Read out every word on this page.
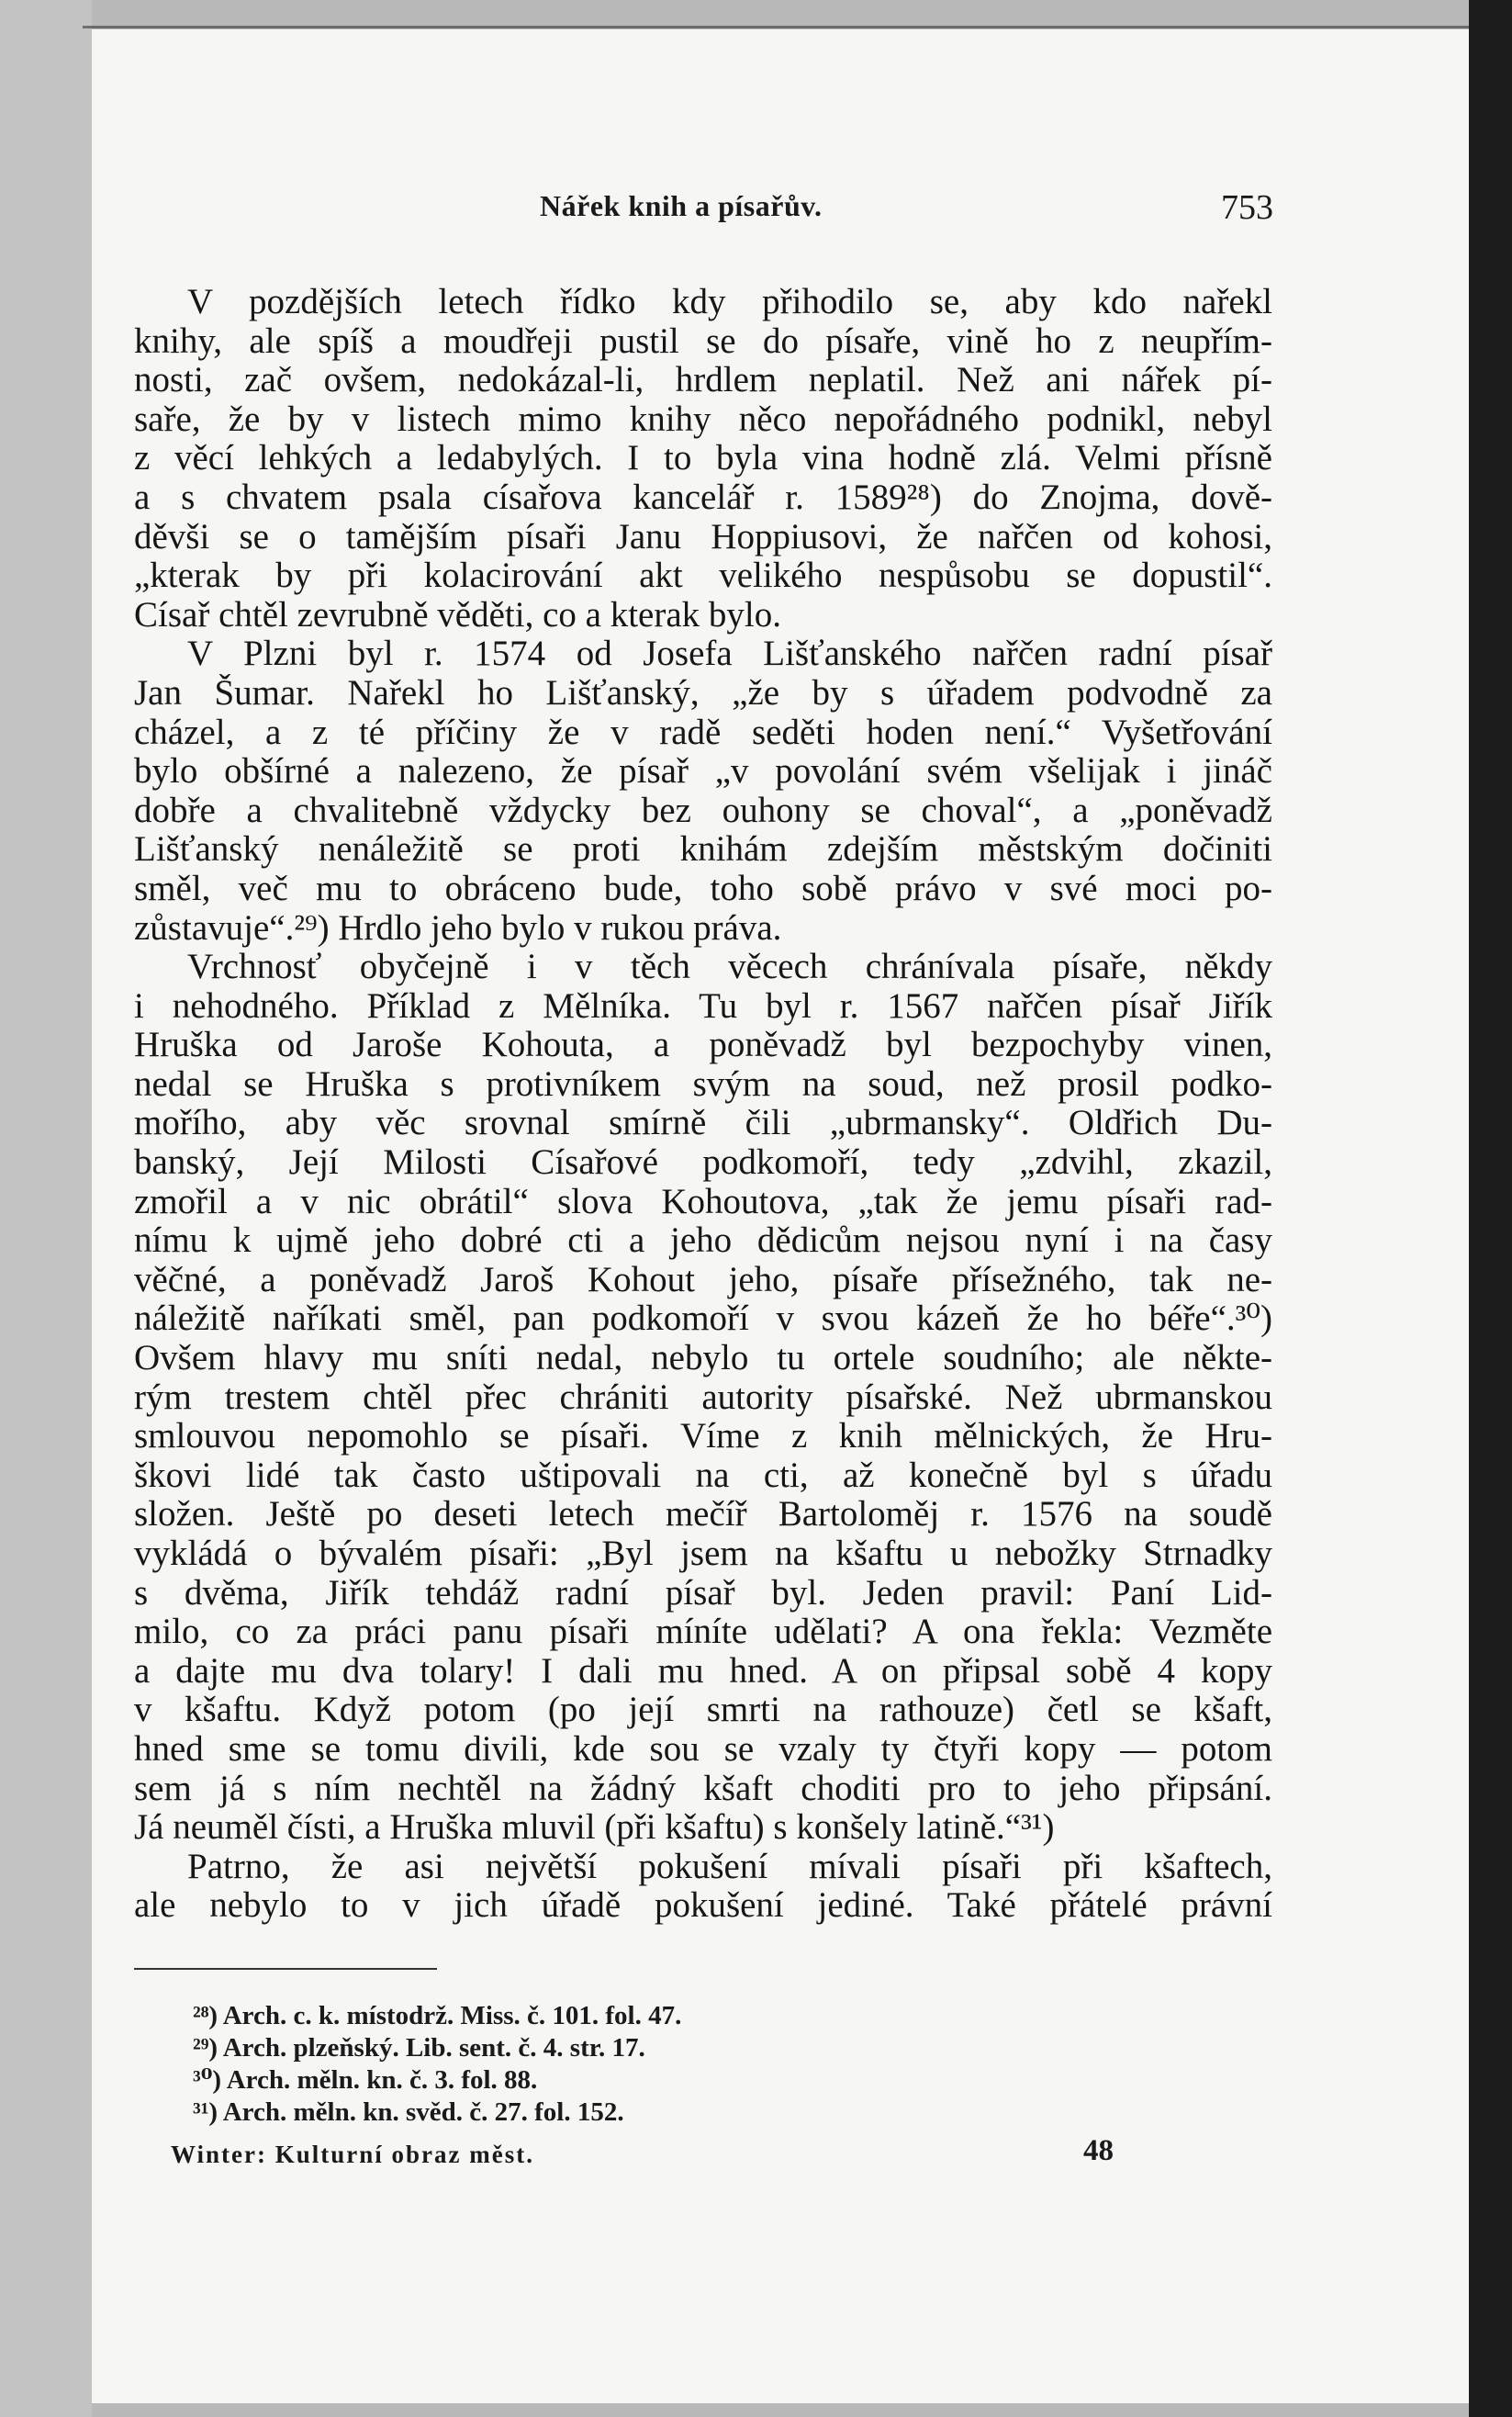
Nářek knih a písařův.	753
V pozdějších letech řídko kdy přihodilo se, aby kdo nařekl
knihy, ale spíš a moudřeji pustil se do písaře, vině ho z neupřím-
nosti, zač ovšem, nedokázal-li, hrdlem neplatil. Než ani nářek pí-
saře, že by v listech mimo knihy něco nepořádného podnikl, nebyl
z věcí lehkých a ledabylých. I to byla vina hodně zlá. Velmi přísně
a s chvatem psala císařova kancelář r. 1589²⁸) do Znojma, dově-
děvši se o tamějším písaři Janu Hoppiusovi, že nařčen od kohosi,
„kterak by při kolacirování akt velikého nespůsobu se dopustil“.
Císař chtěl zevrubně věděti, co a kterak bylo.
V Plzni byl r. 1574 od Josefa Lišťanského nařčen radní písař
Jan Šumar. Nařekl ho Lišťanský, „že by s úřadem podvodně za
cházel, a z té příčiny že v radě seděti hoden není.“ Vyšetřování
bylo obšírné a nalezeno, že písař „v povolání svém všelijak i jináč
dobře a chvalitebně vždycky bez ouhony se choval“, a „poněvadž
Lišťanský nenáležitě se proti knihám zdejším městským dočiniti
směl, več mu to obráceno bude, toho sobě právo v své moci po-
zůstavuje“.²⁹) Hrdlo jeho bylo v rukou práva.
Vrchnosť obyčejně i v těch věcech chránívala písaře, někdy
i nehodného. Příklad z Mělníka. Tu byl r. 1567 nařčen písař Jiřík
Hruška od Jaroše Kohouta, a poněvadž byl bezpochyby vinen,
nedal se Hruška s protivníkem svým na soud, než prosil podko-
mořího, aby věc srovnal smírně čili „ubrmansky“. Oldřich Du-
banský, Její Milosti Císařové podkomoří, tedy „zdvihl, zkazil,
zmořil a v nic obrátil“ slova Kohoutova, „tak že jemu písaři rad-
nímu k ujmě jeho dobré cti a jeho dědicům nejsou nyní i na časy
věčné, a poněvadž Jaroš Kohout jeho, písaře přísežného, tak ne-
náležitě naříkati směl, pan podkomoří v svou kázeň že ho béře“.³⁰)
Ovšem hlavy mu sníti nedal, nebylo tu ortele soudního; ale někte-
rým trestem chtěl přec chrániti autority písařské. Než ubrmanskou
smlouvou nepomohlo se písaři. Víme z knih mělnických, že Hru-
škovi lidé tak často uštipovali na cti, až konečně byl s úřadu
složen. Ještě po deseti letech mečíř Bartoloměj r. 1576 na soudě
vykládá o bývalém písaři: „Byl jsem na kšaftu u nebožky Strnadky
s dvěma, Jiřík tehdáž radní písař byl. Jeden pravil: Paní Lid-
milo, co za práci panu písaři míníte udělati? A ona řekla: Vezměte
a dajte mu dva tolary! I dali mu hned. A on připsal sobě 4 kopy
v kšaftu. Když potom (po její smrti na rathouze) četl se kšaft,
hned sme se tomu divili, kde sou se vzaly ty čtyři kopy — potom
sem já s ním nechtěl na žádný kšaft choditi pro to jeho připsání.
Já neuměl čísti, a Hruška mluvil (při kšaftu) s konšely latině.“³¹)
Patrno, že asi největší pokušení mívali písaři při kšaftech,
ale nebylo to v jich úřadě pokušení jediné. Také přátelé právní
²⁸) Arch. c. k. místodrž. Miss. č. 101. fol. 47.
²⁹) Arch. plzeňský. Lib. sent. č. 4. str. 17.
³⁰) Arch. měln. kn. č. 3. fol. 88.
³¹) Arch. měln. kn. svěd. č. 27. fol. 152.
Winter: Kulturní obraz měst.	48
